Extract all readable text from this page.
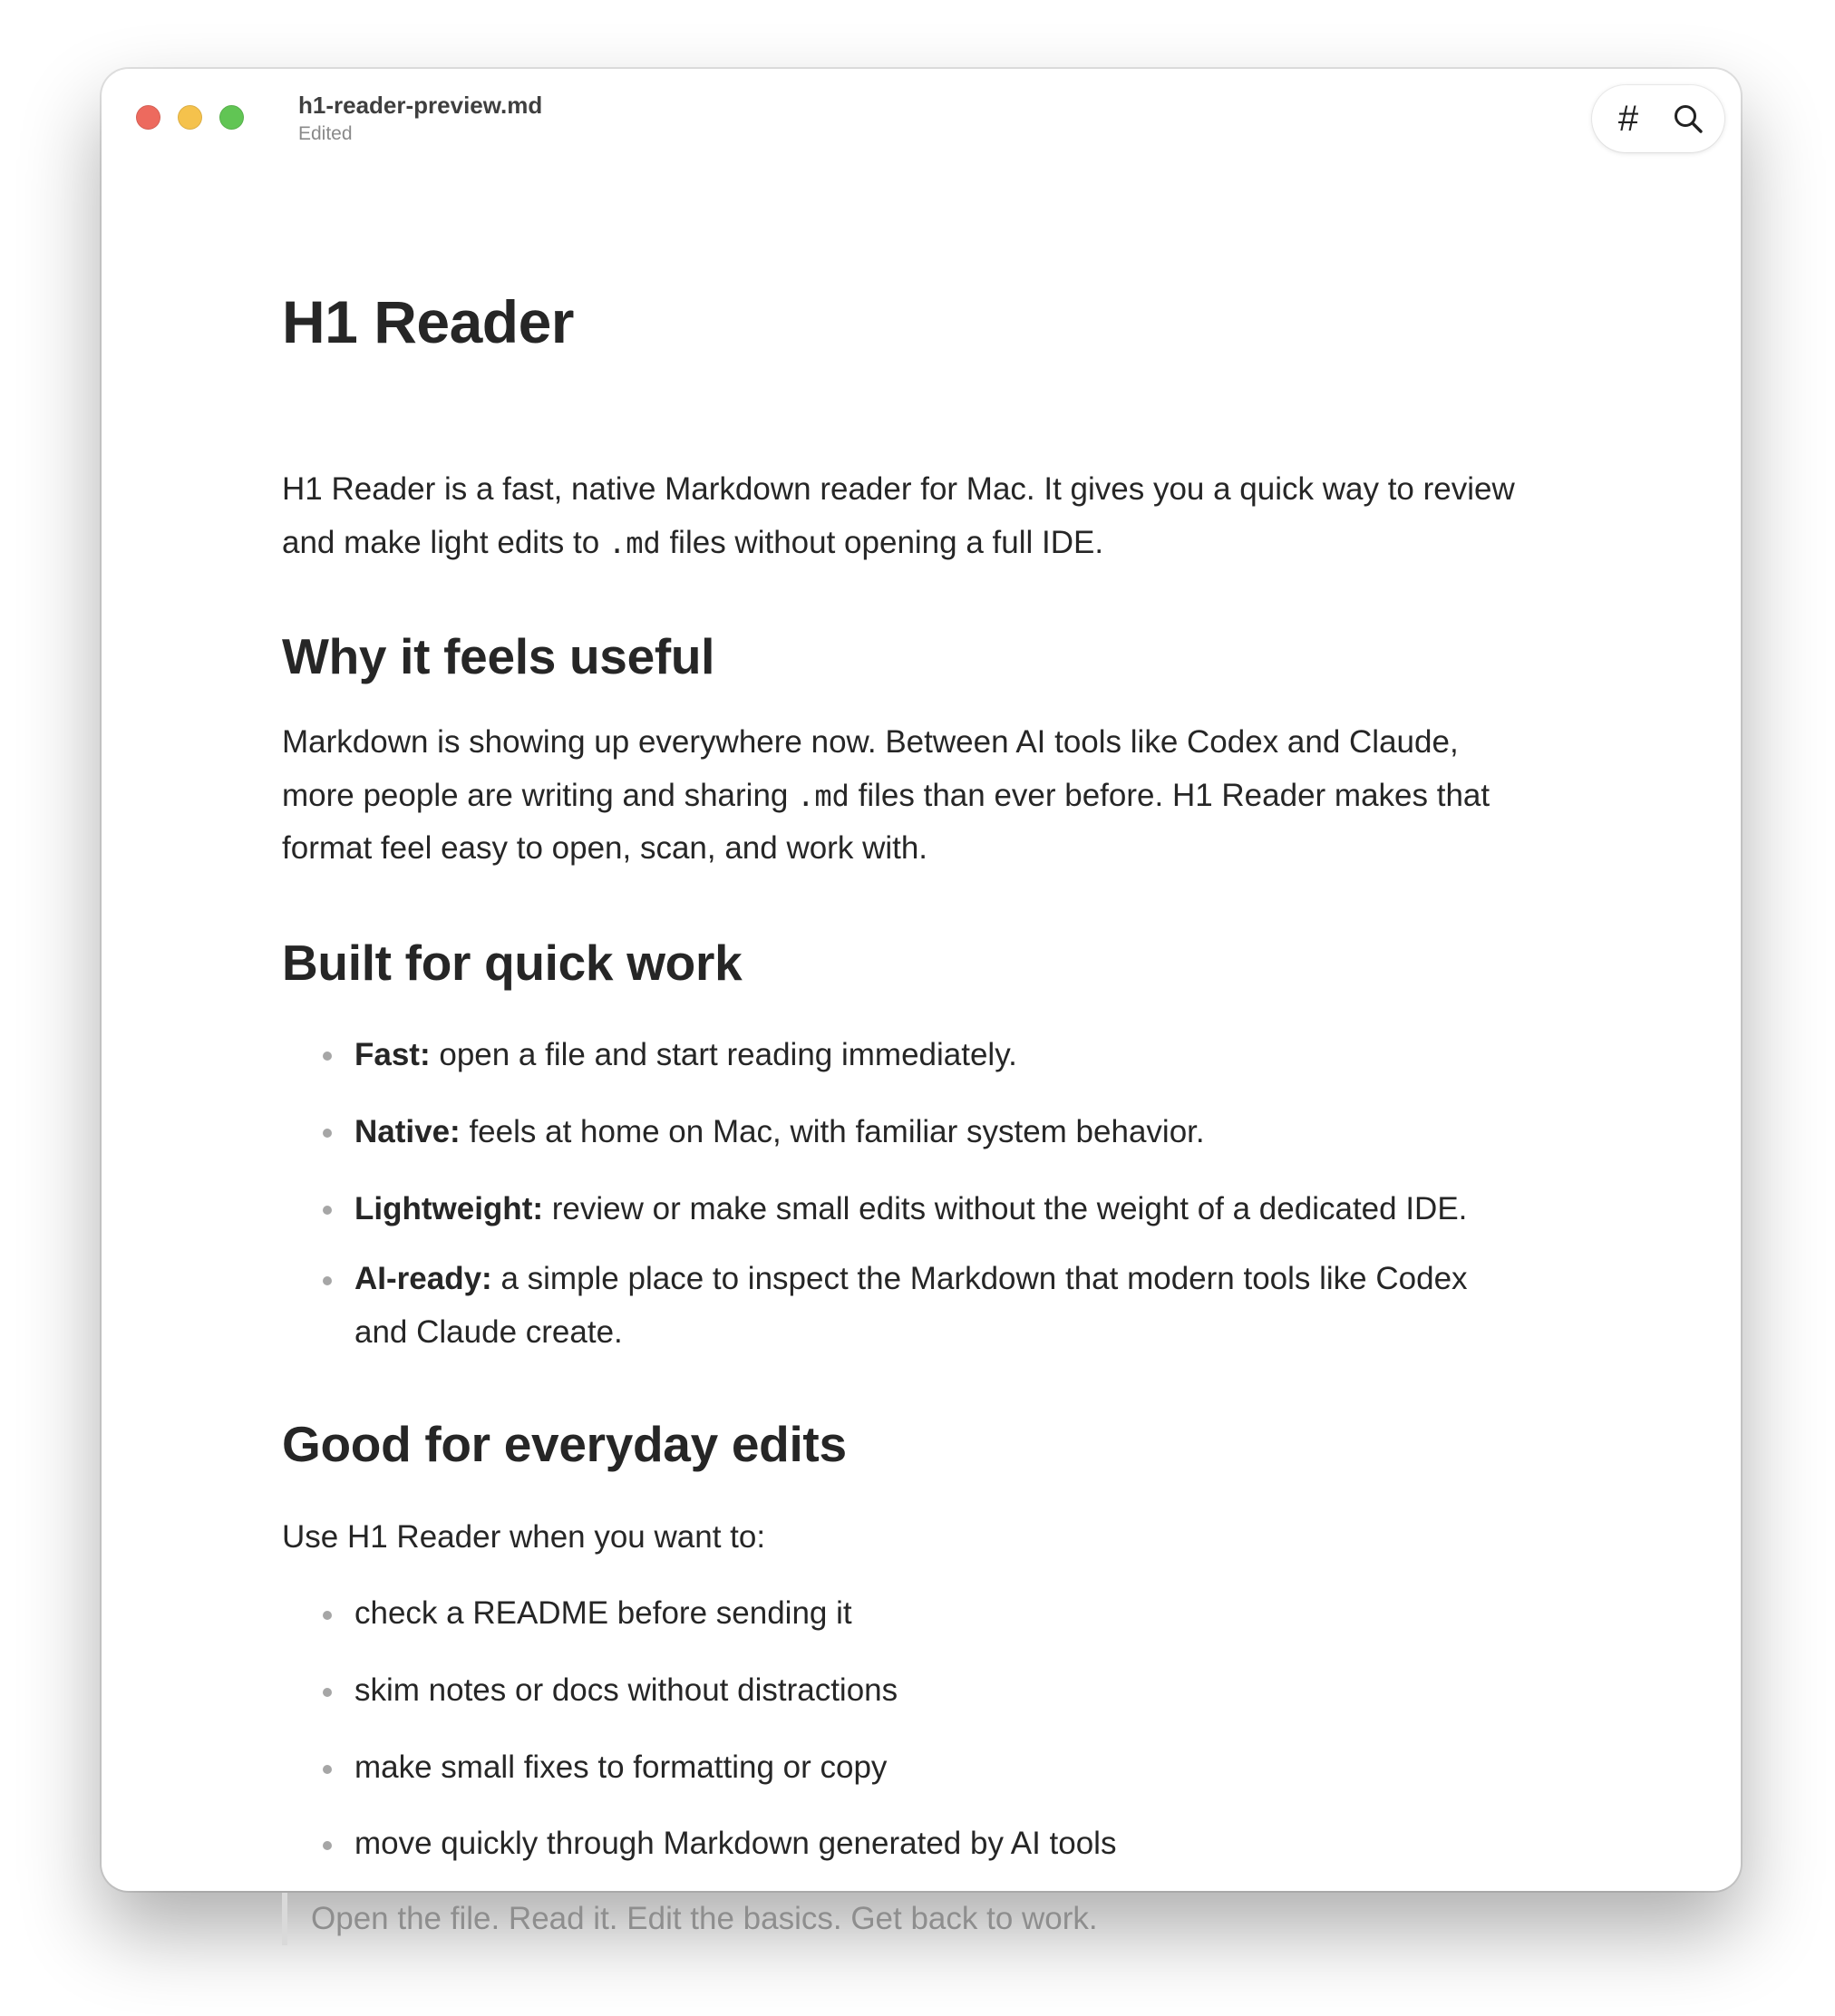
h1-reader-preview.md
Edited	#
H1 Reader
H1 Reader is a fast, native Markdown reader for Mac. It gives you a quick way to review
and make light edits to .md files without opening a full IDE.
Why it feels useful
Markdown is showing up everywhere now. Between AI tools like Codex and Claude,
more people are writing and sharing .md files than ever before. H1 Reader makes that
format feel easy to open, scan, and work with.
Built for quick work
Fast: open a file and start reading immediately.
Native: feels at home on Mac, with familiar system behavior.
Lightweight: review or make small edits without the weight of a dedicated IDE.
AI-ready: a simple place to inspect the Markdown that modern tools like Codex
and Claude create.
Good for everyday edits
Use H1 Reader when you want to:
check a README before sending it
skim notes or docs without distractions
make small fixes to formatting or copy
move quickly through Markdown generated by AI tools
Open the file. Read it. Edit the basics. Get back to work.
